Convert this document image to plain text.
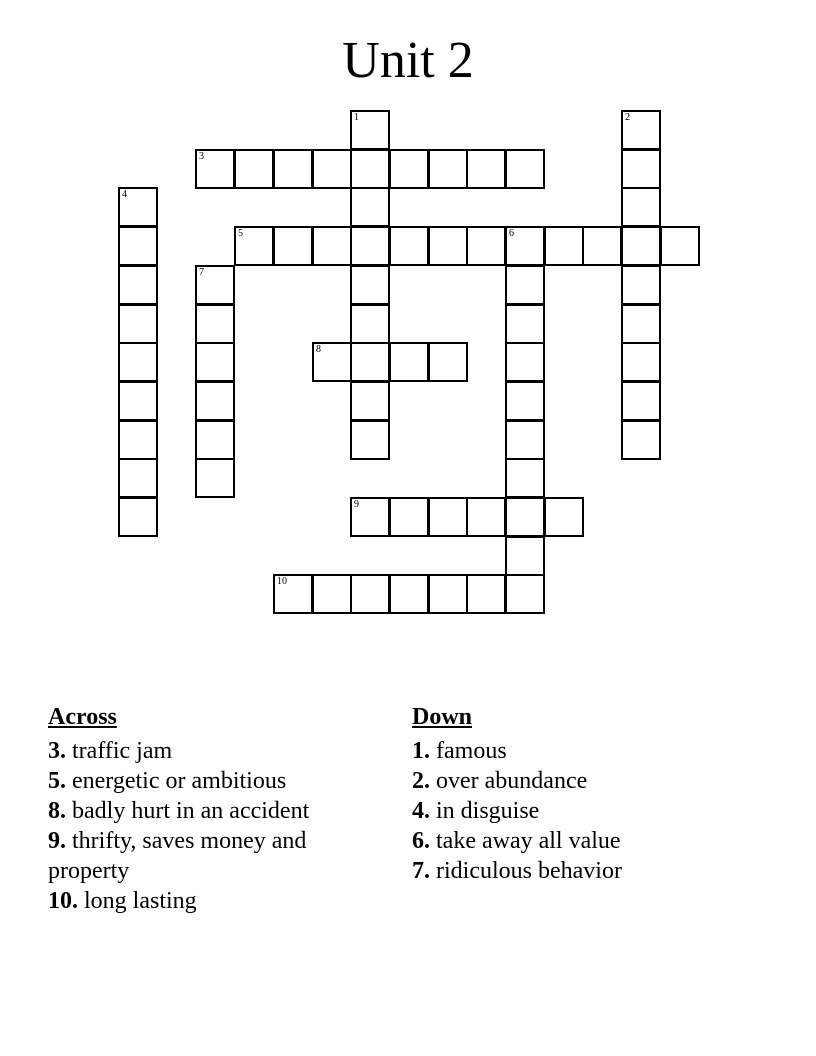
Unit 2
1	2
3
4
5	6
7
8
9
10
Across

3. traffic jam

5. energetic or ambitious

8. badly hurt in an accident

9. thrifty, saves money and property

10. long lasting

Down

1. famous

2. over abundance

4. in disguise

6. take away all value

7. ridiculous behavior
